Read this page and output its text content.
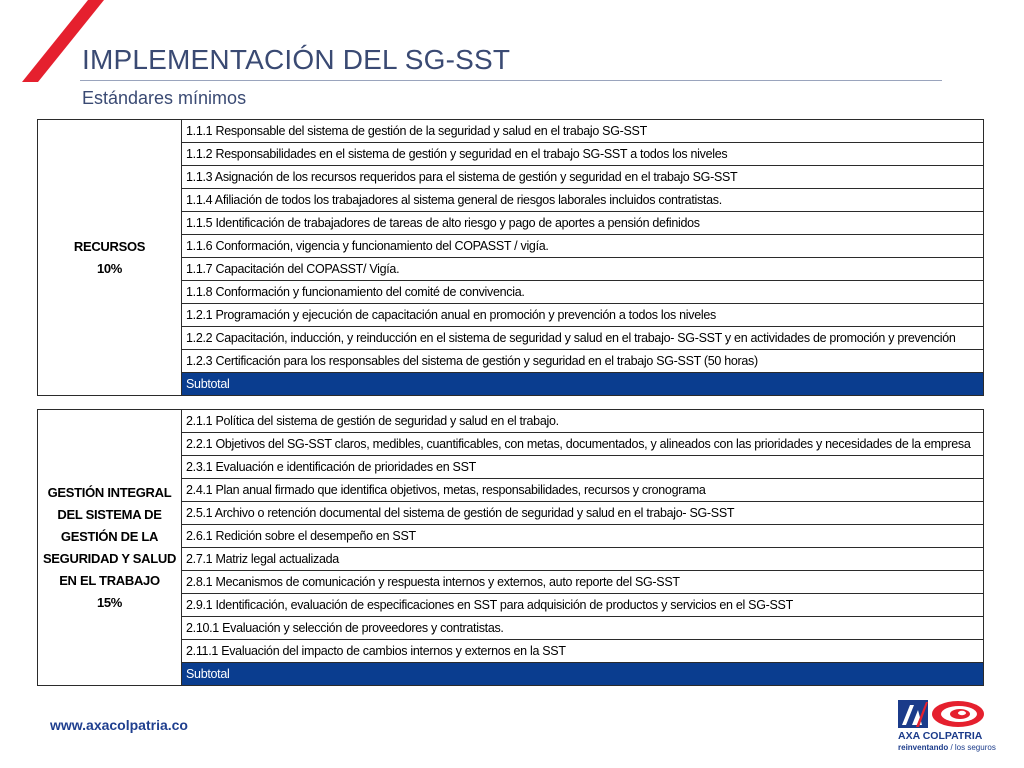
IMPLEMENTACIÓN DEL SG-SST
Estándares mínimos
RECURSOS
10%
	1.1.1 Responsable del sistema de gestión de la seguridad y salud en el trabajo SG-SST
1.1.2 Responsabilidades en el sistema de gestión y seguridad en el trabajo SG-SST a todos los niveles
1.1.3 Asignación de los recursos requeridos para el sistema de gestión y seguridad en el trabajo SG-SST
1.1.4 Afiliación de todos los trabajadores al sistema general de riesgos laborales incluidos contratistas.
1.1.5 Identificación de trabajadores de tareas de alto riesgo y pago de aportes a pensión definidos
1.1.6 Conformación, vigencia y funcionamiento del COPASST / vigía.
1.1.7 Capacitación del COPASST/ Vigía.
1.1.8 Conformación y funcionamiento del comité de convivencia.
1.2.1 Programación y ejecución de capacitación anual en promoción y prevención a todos los niveles
1.2.2 Capacitación, inducción, y reinducción en el sistema de seguridad y salud en el trabajo- SG-SST y en actividades de promoción y prevención
1.2.3 Certificación para los responsables del sistema de gestión y seguridad en el trabajo SG-SST (50 horas)
Subtotal
GESTIÓN INTEGRAL DEL SISTEMA DE GESTIÓN DE LA SEGURIDAD Y SALUD EN EL TRABAJO
15%
	2.1.1 Política del sistema de gestión de seguridad y salud en el trabajo.
2.2.1 Objetivos del SG-SST claros, medibles, cuantificables, con metas, documentados, y alineados con las prioridades y necesidades de la empresa
2.3.1 Evaluación e identificación de prioridades en SST
2.4.1 Plan anual firmado que identifica objetivos, metas, responsabilidades, recursos y cronograma
2.5.1 Archivo o retención documental del sistema de gestión de seguridad y salud en el trabajo- SG-SST
2.6.1 Redición sobre el desempeño en SST
2.7.1 Matriz legal actualizada
2.8.1 Mecanismos de comunicación y respuesta internos y externos, auto reporte del SG-SST
2.9.1 Identificación, evaluación de especificaciones en SST para adquisición de productos y servicios en el SG-SST
2.10.1 Evaluación y selección de proveedores y contratistas.
2.11.1 Evaluación del impacto de cambios internos y externos en la SST
Subtotal
www.axacolpatria.co
AXA COLPATRIA
reinventando / los seguros
